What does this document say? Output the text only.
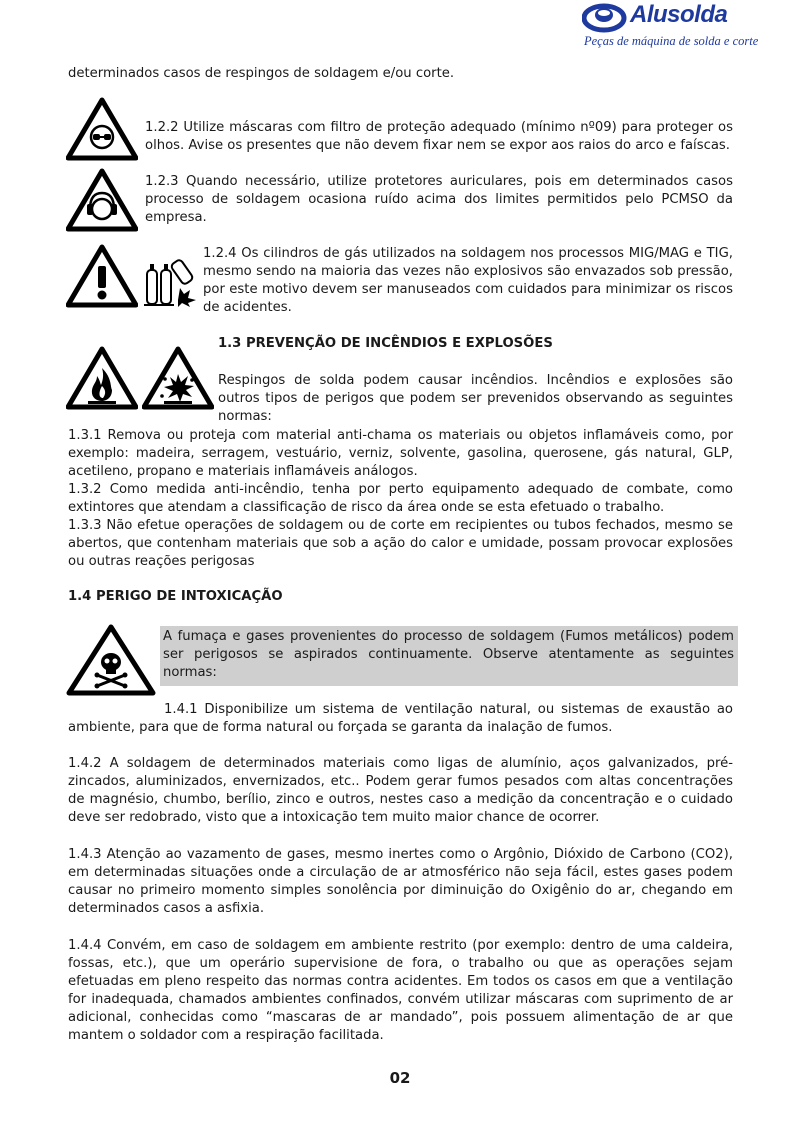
Alusolda
Peças de máquina de solda e corte
determinados casos de respingos de soldagem e/ou corte.
1.2.2 Utilize máscaras com filtro de proteção adequado (mínimo nº09) para proteger os olhos. Avise os presentes que não devem fixar nem se expor aos raios do arco e faíscas.
1.2.3 Quando necessário, utilize protetores auriculares, pois em determinados casos processo de soldagem ocasiona ruído acima dos limites permitidos pelo PCMSO da empresa.
1.2.4 Os cilindros de gás utilizados na soldagem nos processos MIG/MAG e TIG, mesmo sendo na maioria das vezes não explosivos são envazados sob pressão, por este motivo devem ser manuseados com cuidados para minimizar os riscos de acidentes.
1.3 PREVENÇÃO DE INCÊNDIOS E EXPLOSÕES
Respingos de solda podem causar incêndios. Incêndios e explosões são outros tipos de perigos que podem ser prevenidos observando as seguintes normas:
1.3.1 Remova ou proteja com material anti-chama os materiais ou objetos inflamáveis como, por exemplo: madeira, serragem, vestuário, verniz, solvente, gasolina, querosene, gás natural, GLP, acetileno, propano e materiais inflamáveis análogos.
1.3.2 Como medida anti-incêndio, tenha por perto equipamento adequado de combate, como extintores que atendam a classificação de risco da área onde se esta efetuado o trabalho.
1.3.3 Não efetue operações de soldagem ou de corte em recipientes ou tubos fechados, mesmo se abertos, que contenham materiais que sob a ação do calor e umidade, possam provocar explosões ou outras reações perigosas
1.4 PERIGO DE INTOXICAÇÃO
A fumaça e gases provenientes do processo de soldagem (Fumos metálicos) podem ser perigosos se aspirados continuamente. Observe atentamente as seguintes normas:
1.4.1 Disponibilize um sistema de ventilação natural, ou sistemas de exaustão ao ambiente, para que de forma natural ou forçada se garanta da inalação de fumos.
1.4.2 A soldagem de determinados materiais como ligas de alumínio, aços galvanizados, pré-zincados, aluminizados, envernizados, etc.. Podem gerar fumos pesados com altas concentrações de magnésio, chumbo, berílio, zinco e outros, nestes caso a medição da concentração e o cuidado deve ser redobrado, visto que a intoxicação tem muito maior chance de ocorrer.
1.4.3 Atenção ao vazamento de gases, mesmo inertes como o Argônio, Dióxido de Carbono (CO2), em determinadas situações onde a circulação de ar atmosférico não seja fácil, estes gases podem causar no primeiro momento simples sonolência por diminuição do Oxigênio do ar, chegando em determinados casos a asfixia.
1.4.4 Convém, em caso de soldagem em ambiente restrito (por exemplo: dentro de uma caldeira, fossas, etc.), que um operário supervisione de fora, o trabalho ou que as operações sejam efetuadas em pleno respeito das normas contra acidentes. Em todos os casos em que a ventilação for inadequada, chamados ambientes confinados, convém utilizar máscaras com suprimento de ar adicional, conhecidas como “mascaras de ar mandado”, pois possuem alimentação de ar que mantem o soldador com a respiração facilitada.
02
